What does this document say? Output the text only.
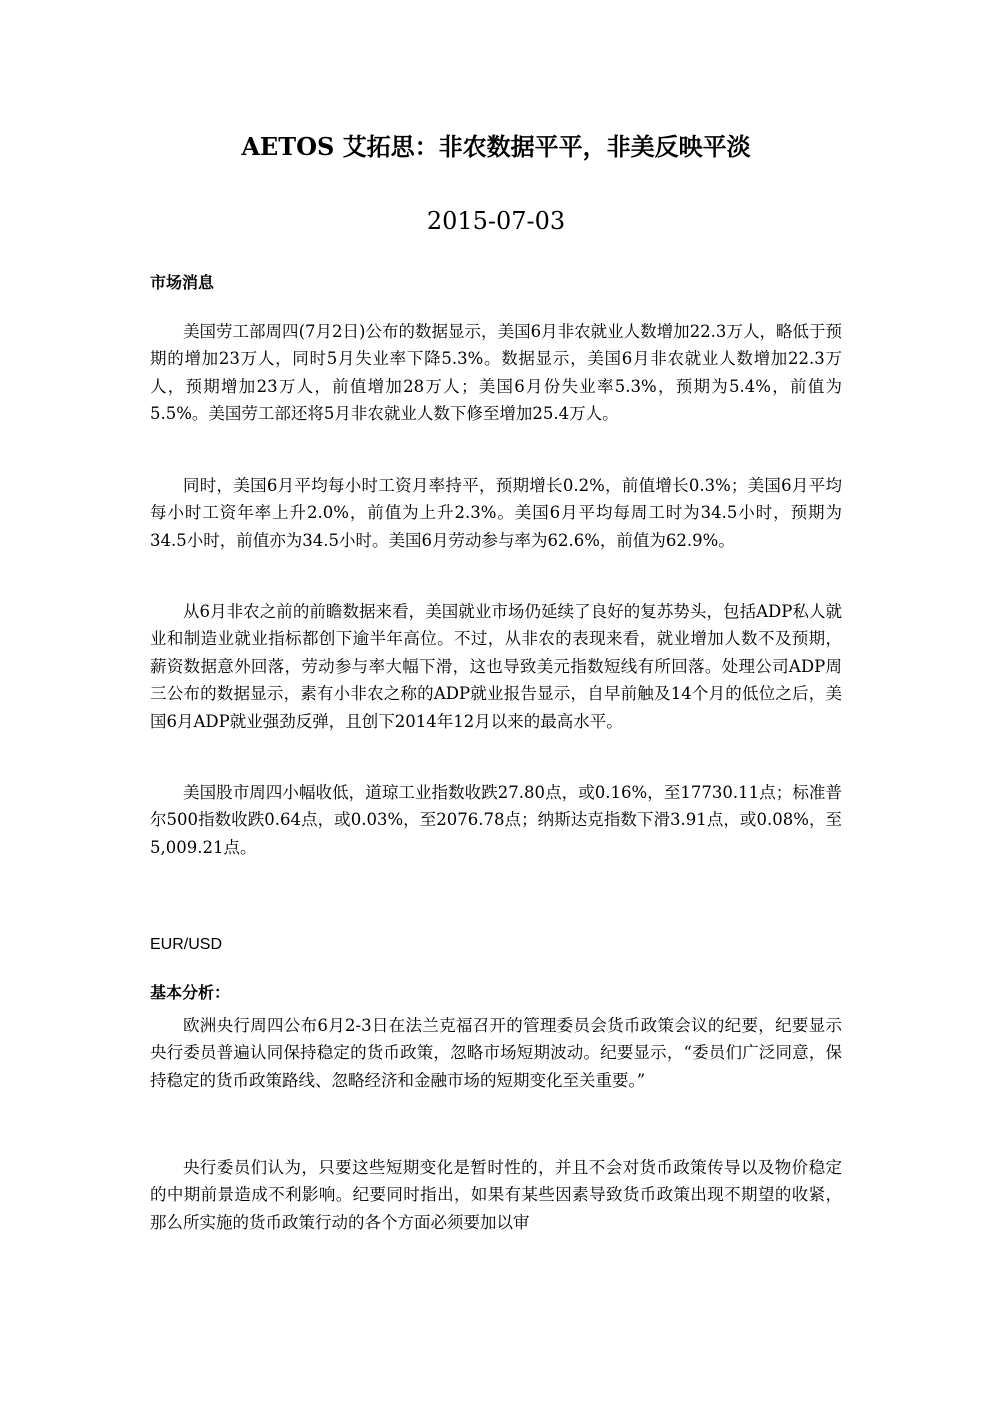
AETOS 艾拓思：非农数据平平，非美反映平淡
2015-07-03
市场消息

美国劳工部周四(7月2日)公布的数据显示，美国6月非农就业人数增加22.3万人，略低于预期的增加23万人，同时5月失业率下降5.3%。数据显示，美国6月非农就业人数增加22.3万人，预期增加23万人，前值增加28万人；美国6月份失业率5.3%，预期为5.4%，前值为5.5%。美国劳工部还将5月非农就业人数下修至增加25.4万人。

同时，美国6月平均每小时工资月率持平，预期增长0.2%，前值增长0.3%；美国6月平均每小时工资年率上升2.0%，前值为上升2.3%。美国6月平均每周工时为34.5小时，预期为34.5小时，前值亦为34.5小时。美国6月劳动参与率为62.6%，前值为62.9%。

从6月非农之前的前瞻数据来看，美国就业市场仍延续了良好的复苏势头，包括ADP私人就业和制造业就业指标都创下逾半年高位。不过，从非农的表现来看，就业增加人数不及预期，薪资数据意外回落，劳动参与率大幅下滑，这也导致美元指数短线有所回落。处理公司ADP周三公布的数据显示，素有小非农之称的ADP就业报告显示，自早前触及14个月的低位之后，美国6月ADP就业强劲反弹，且创下2014年12月以来的最高水平。

美国股市周四小幅收低，道琼工业指数收跌27.80点，或0.16%，至17730.11点；标准普尔500指数收跌0.64点，或0.03%，至2076.78点；纳斯达克指数下滑3.91点，或0.08%，至5,009.21点。

EUR/USD
基本分析：

欧洲央行周四公布6月2-3日在法兰克福召开的管理委员会货币政策会议的纪要，纪要显示央行委员普遍认同保持稳定的货币政策，忽略市场短期波动。纪要显示，“委员们广泛同意，保持稳定的货币政策路线、忽略经济和金融市场的短期变化至关重要。”

央行委员们认为，只要这些短期变化是暂时性的，并且不会对货币政策传导以及物价稳定的中期前景造成不利影响。纪要同时指出，如果有某些因素导致货币政策出现不期望的收紧，那么所实施的货币政策行动的各个方面必须要加以审
